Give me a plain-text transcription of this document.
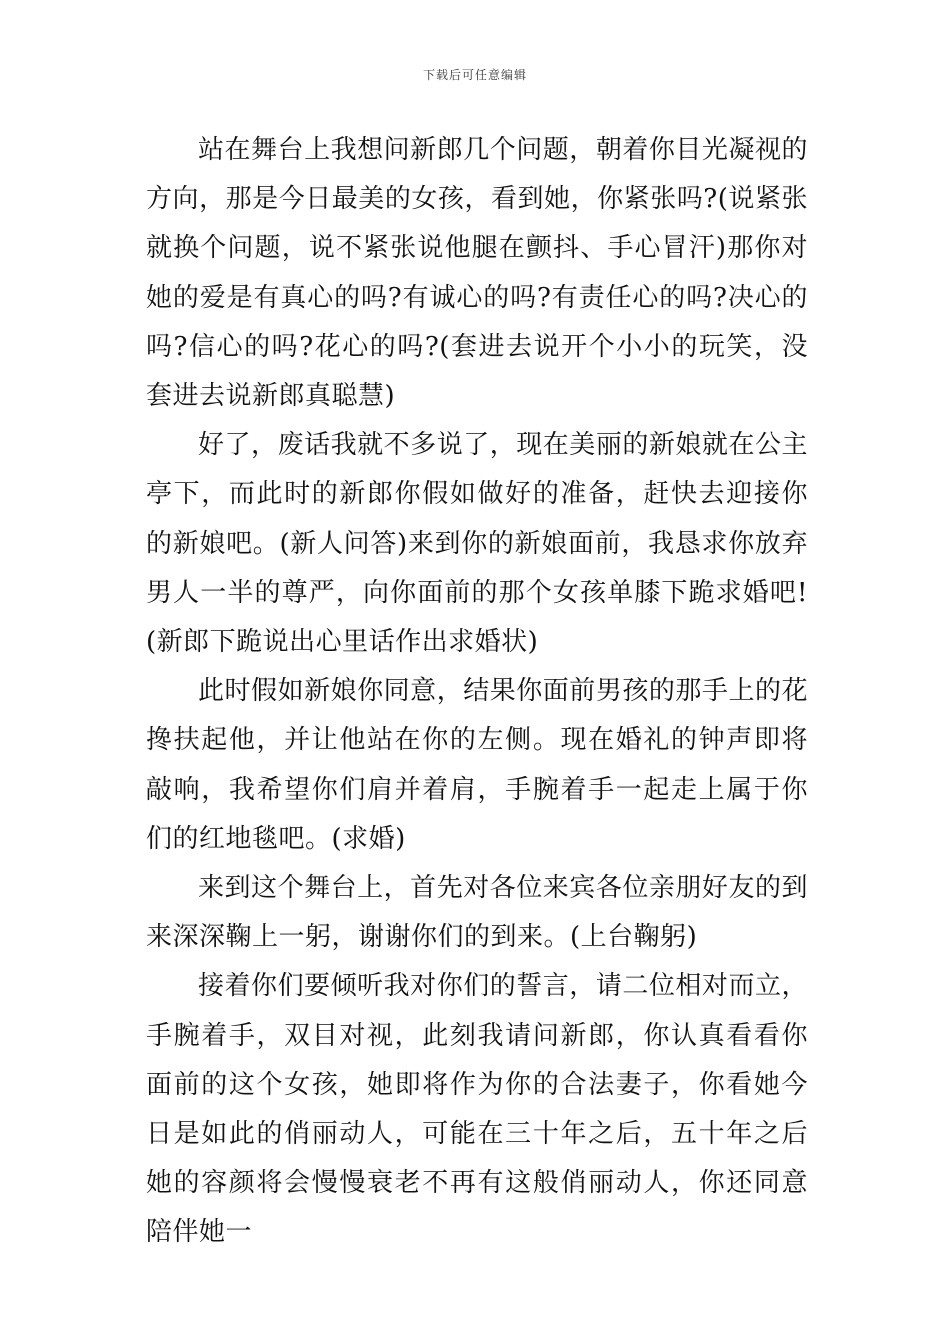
下载后可任意编辑

站在舞台上我想问新郎几个问题，朝着你目光凝视的方向，那是今日最美的女孩，看到她，你紧张吗?(说紧张就换个问题，说不紧张说他腿在颤抖、手心冒汗)那你对她的爱是有真心的吗?有诚心的吗?有责任心的吗?决心的吗?信心的吗?花心的吗?(套进去说开个小小的玩笑，没套进去说新郎真聪慧)

好了，废话我就不多说了，现在美丽的新娘就在公主亭下，而此时的新郎你假如做好的准备，赶快去迎接你的新娘吧。(新人问答)来到你的新娘面前，我恳求你放弃男人一半的尊严，向你面前的那个女孩单膝下跪求婚吧!(新郎下跪说出心里话作出求婚状)

此时假如新娘你同意，结果你面前男孩的那手上的花搀扶起他，并让他站在你的左侧。现在婚礼的钟声即将敲响，我希望你们肩并着肩，手腕着手一起走上属于你们的红地毯吧。(求婚)

来到这个舞台上，首先对各位来宾各位亲朋好友的到来深深鞠上一躬，谢谢你们的到来。(上台鞠躬)

接着你们要倾听我对你们的誓言，请二位相对而立，手腕着手，双目对视，此刻我请问新郎，你认真看看你面前的这个女孩，她即将作为你的合法妻子，你看她今日是如此的俏丽动人，可能在三十年之后，五十年之后她的容颜将会慢慢衰老不再有这般俏丽动人，你还同意陪伴她一
